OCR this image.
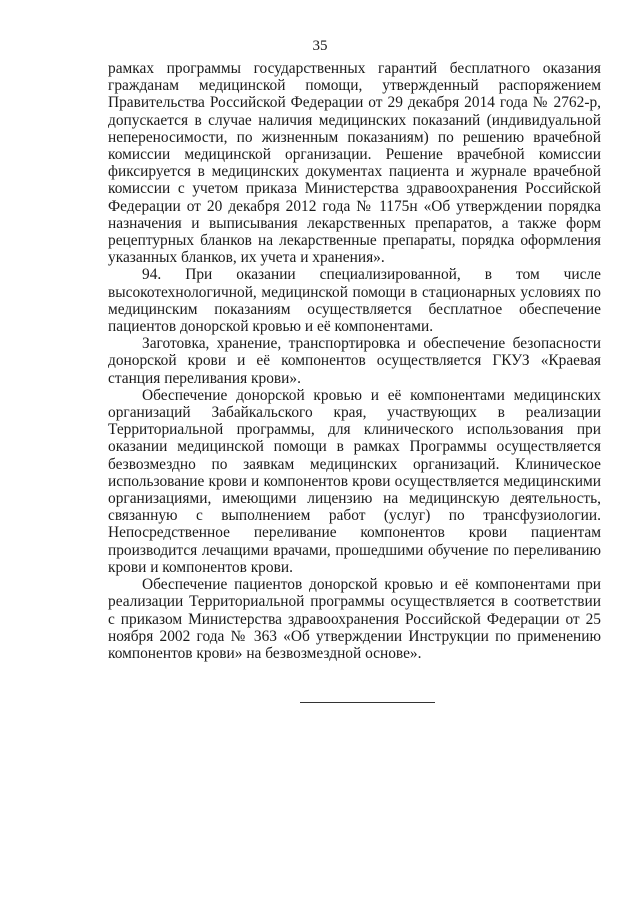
35

рамках программы государственных гарантий бесплатного оказания гражданам медицинской помощи, утвержденный распоряжением Правительства Российской Федерации от 29 декабря 2014 года № 2762-р, допускается в случае наличия медицинских показаний (индивидуальной непереносимости, по жизненным показаниям) по решению врачебной комиссии медицинской организации. Решение врачебной комиссии фиксируется в медицинских документах пациента и журнале врачебной комиссии с учетом приказа Министерства здравоохранения Российской Федерации от 20 декабря 2012 года № 1175н «Об утверждении порядка назначения и выписывания лекарственных препаратов, а также форм рецептурных бланков на лекарственные препараты, порядка оформления указанных бланков, их учета и хранения».

94. При оказании специализированной, в том числе высокотехнологичной, медицинской помощи в стационарных условиях по медицинским показаниям осуществляется бесплатное обеспечение пациентов донорской кровью и её компонентами.

Заготовка, хранение, транспортировка и обеспечение безопасности донорской крови и её компонентов осуществляется ГКУЗ «Краевая станция переливания крови».

Обеспечение донорской кровью и её компонентами медицинских организаций Забайкальского края, участвующих в реализации Территориальной программы, для клинического использования при оказании медицинской помощи в рамках Программы осуществляется безвозмездно по заявкам медицинских организаций. Клиническое использование крови и компонентов крови осуществляется медицинскими организациями, имеющими лицензию на медицинскую деятельность, связанную с выполнением работ (услуг) по трансфузиологии. Непосредственное переливание компонентов крови пациентам производится лечащими врачами, прошедшими обучение по переливанию крови и компонентов крови.

Обеспечение пациентов донорской кровью и её компонентами при реализации Территориальной программы осуществляется в соответствии с приказом Министерства здравоохранения Российской Федерации от 25 ноября 2002 года № 363 «Об утверждении Инструкции по применению компонентов крови» на безвозмездной основе».
